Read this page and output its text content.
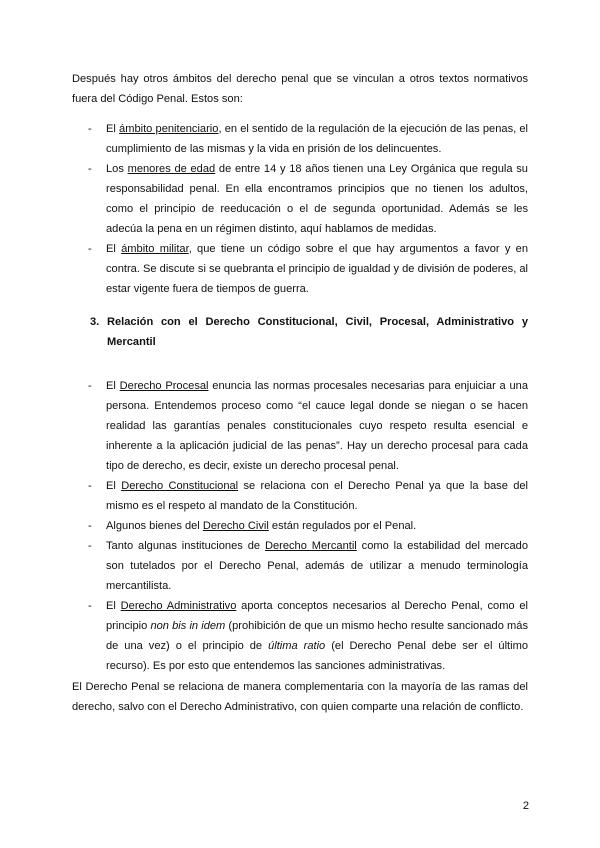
Después hay otros ámbitos del derecho penal que se vinculan a otros textos normativos fuera del Código Penal. Estos son:

- El ámbito penitenciario, en el sentido de la regulación de la ejecución de las penas, el cumplimiento de las mismas y la vida en prisión de los delincuentes.
- Los menores de edad de entre 14 y 18 años tienen una Ley Orgánica que regula su responsabilidad penal. En ella encontramos principios que no tienen los adultos, como el principio de reeducación o el de segunda oportunidad. Además se les adecúa la pena en un régimen distinto, aquí hablamos de medidas.
- El ámbito militar, que tiene un código sobre el que hay argumentos a favor y en contra. Se discute si se quebranta el principio de igualdad y de división de poderes, al estar vigente fuera de tiempos de guerra.
3. Relación con el Derecho Constitucional, Civil, Procesal, Administrativo y Mercantil
- El Derecho Procesal enuncia las normas procesales necesarias para enjuiciar a una persona. Entendemos proceso como “el cauce legal donde se niegan o se hacen realidad las garantías penales constitucionales cuyo respeto resulta esencial e inherente a la aplicación judicial de las penas”. Hay un derecho procesal para cada tipo de derecho, es decir, existe un derecho procesal penal.
- El Derecho Constitucional se relaciona con el Derecho Penal ya que la base del mismo es el respeto al mandato de la Constitución.
- Algunos bienes del Derecho Civil están regulados por el Penal.
- Tanto algunas instituciones de Derecho Mercantil como la estabilidad del mercado son tutelados por el Derecho Penal, además de utilizar a menudo terminología mercantilista.
- El Derecho Administrativo aporta conceptos necesarios al Derecho Penal, como el principio non bis in idem (prohibición de que un mismo hecho resulte sancionado más de una vez) o el principio de última ratio (el Derecho Penal debe ser el último recurso). Es por esto que entendemos las sanciones administrativas.

El Derecho Penal se relaciona de manera complementaria con la mayoría de las ramas del derecho, salvo con el Derecho Administrativo, con quien comparte una relación de conflicto.

2
